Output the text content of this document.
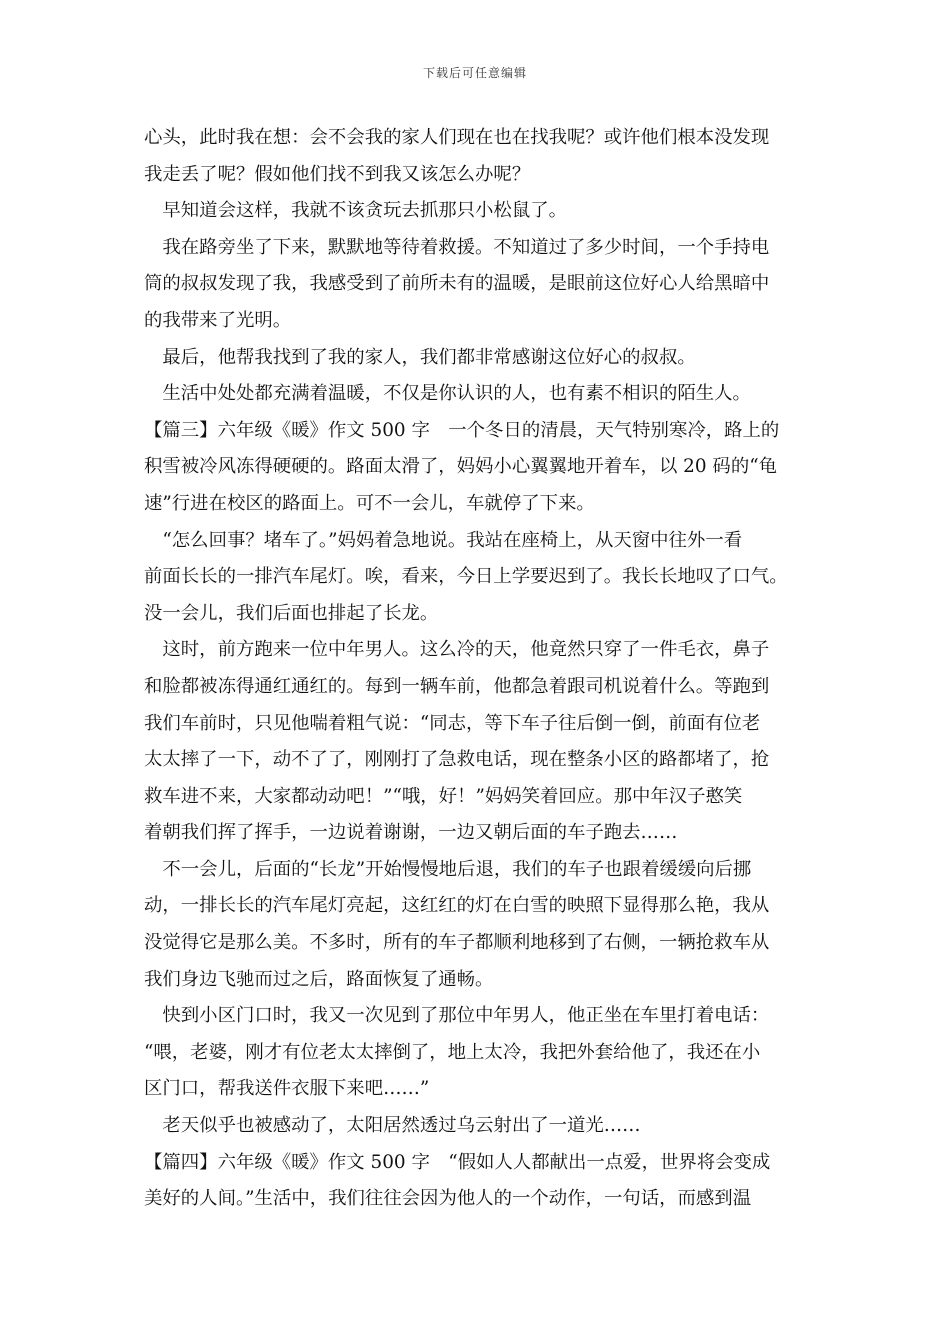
下载后可任意编辑
心头，此时我在想：会不会我的家人们现在也在找我呢？或许他们根本没发现
我走丢了呢？假如他们找不到我又该怎么办呢？
　早知道会这样，我就不该贪玩去抓那只小松鼠了。
　我在路旁坐了下来，默默地等待着救援。不知道过了多少时间，一个手持电
筒的叔叔发现了我，我感受到了前所未有的温暖，是眼前这位好心人给黑暗中
的我带来了光明。
　最后，他帮我找到了我的家人，我们都非常感谢这位好心的叔叔。
　生活中处处都充满着温暖，不仅是你认识的人，也有素不相识的陌生人。
【篇三】六年级《暖》作文 500 字　一个冬日的清晨，天气特别寒冷，路上的
积雪被冷风冻得硬硬的。路面太滑了，妈妈小心翼翼地开着车，以 20 码的“龟
速”行进在校区的路面上。可不一会儿，车就停了下来。
　“怎么回事？堵车了。”妈妈着急地说。我站在座椅上，从天窗中往外一看
前面长长的一排汽车尾灯。唉，看来，今日上学要迟到了。我长长地叹了口气。
没一会儿，我们后面也排起了长龙。
　这时，前方跑来一位中年男人。这么冷的天，他竟然只穿了一件毛衣，鼻子
和脸都被冻得通红通红的。每到一辆车前，他都急着跟司机说着什么。等跑到
我们车前时，只见他喘着粗气说：“同志，等下车子往后倒一倒，前面有位老
太太摔了一下，动不了了，刚刚打了急救电话，现在整条小区的路都堵了，抢
救车进不来，大家都动动吧！”“哦，好！”妈妈笑着回应。那中年汉子憨笑
着朝我们挥了挥手，一边说着谢谢，一边又朝后面的车子跑去……
　不一会儿，后面的“长龙”开始慢慢地后退，我们的车子也跟着缓缓向后挪
动，一排长长的汽车尾灯亮起，这红红的灯在白雪的映照下显得那么艳，我从
没觉得它是那么美。不多时，所有的车子都顺利地移到了右侧，一辆抢救车从
我们身边飞驰而过之后，路面恢复了通畅。
　快到小区门口时，我又一次见到了那位中年男人，他正坐在车里打着电话：
“喂，老婆，刚才有位老太太摔倒了，地上太冷，我把外套给他了，我还在小
区门口，帮我送件衣服下来吧……”
　老天似乎也被感动了，太阳居然透过乌云射出了一道光……
【篇四】六年级《暖》作文 500 字　“假如人人都献出一点爱，世界将会变成
美好的人间。”生活中，我们往往会因为他人的一个动作，一句话，而感到温
